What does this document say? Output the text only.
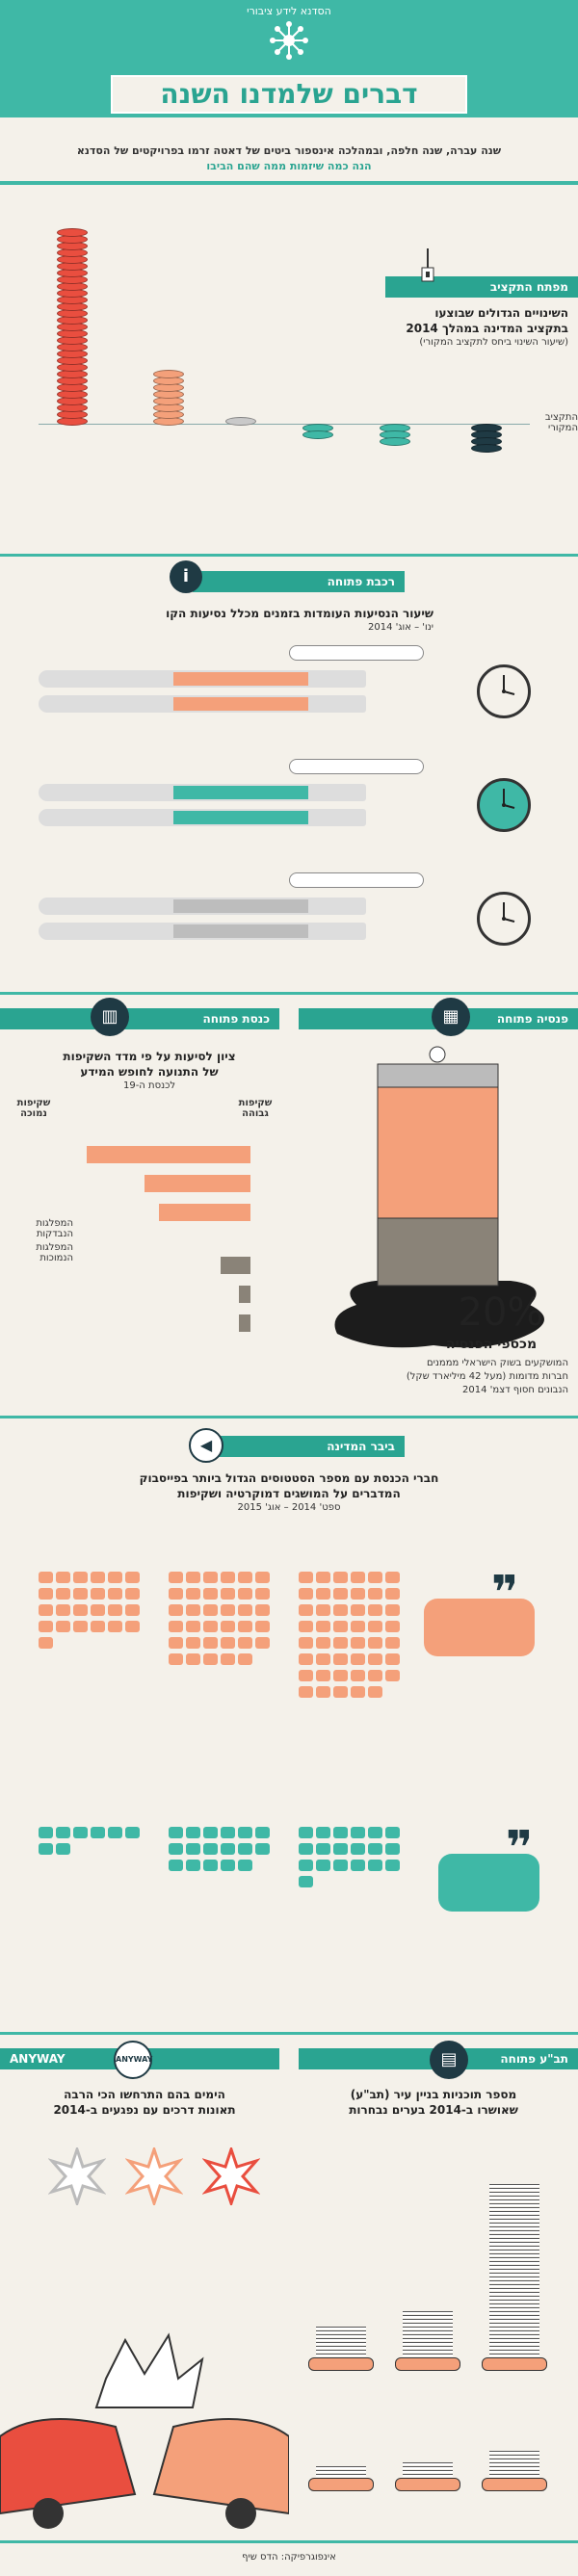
הסדנא לידע ציבורי
דברים שלמדנו השנה
שנה עברה, שנה חלפה, ובמהלכה אינספור ביטים של דאטה זרמו בפרויקטים של הסדנא
הנה כמה שיזמות ממה שהם הביבו
מפתח התקציב
השינויים הגדולים שבוצעו
בתקציב המדינה במהלך 2014
(שיעור השינוי ביחס לתקציב המקורי)
התקציב המקורי
רכבת פתוחה
i
שיעור הנסיעות העומדות בזמנים מכלל נסיעות הקו
ינו' – אוג' 2014
פנסיה פתוחה
כנסת פתוחה	▦
▥
20%
מכספי הפנסיה
המושקעים בשוק הישראלי מממנים
חברות מדומות (מעל 42 מיליארד שקל)
הנבונים חסוף דצמ' 2014
ציון לסיעות על פי מדד השקיפות
של התנועה לחופש המידע
לכנסת ה-19
שקיפות גבוהה
שקיפות נמוכה
המפלגות הנבדקות
המפלגות הנמוכות
ביבר המדינה
◀
חברי הכנסת עם מספר הסטטוסים הגדול ביותר בפייסבוק
המדברים על המושגים דמוקרטיה ושקיפות
ספט' 2014 – אוג' 2015
❞
❞
ANYWAY	תב"ע פתוחה
ANYWAY	▤
הימים בהם התרחשו הכי הרבה
תאונות דרכים עם נפגעים ב-2014
מספר תוכניות בניין עיר (תב"ע)
שאושרו ב-2014 בערים נבחרות
אינפוגרפיקה: הדס שיף
